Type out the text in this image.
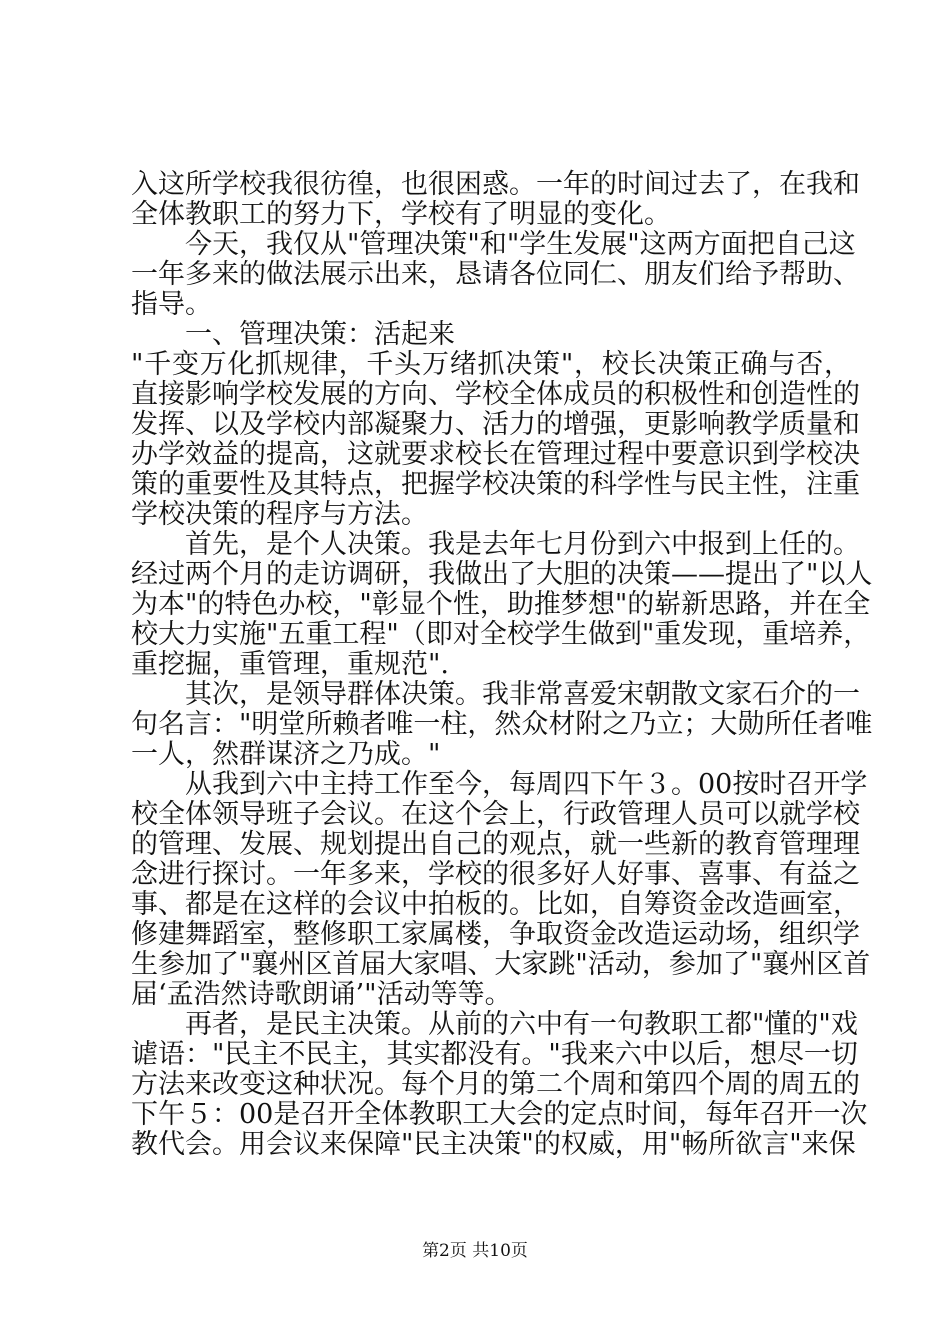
入这所学校我很彷徨，也很困惑。一年的时间过去了，在我和
全体教职工的努力下，学校有了明显的变化。
今天，我仅从"管理决策"和"学生发展"这两方面把自己这
一年多来的做法展示出来，恳请各位同仁、朋友们给予帮助、
指导。
一、管理决策：活起来
"千变万化抓规律，千头万绪抓决策"，校长决策正确与否，
直接影响学校发展的方向、学校全体成员的积极性和创造性的
发挥、以及学校内部凝聚力、活力的增强，更影响教学质量和
办学效益的提高，这就要求校长在管理过程中要意识到学校决
策的重要性及其特点，把握学校决策的科学性与民主性，注重
学校决策的程序与方法。
首先，是个人决策。我是去年七月份到六中报到上任的。
经过两个月的走访调研，我做出了大胆的决策——提出了"以人
为本"的特色办校，"彰显个性，助推梦想"的崭新思路，并在全
校大力实施"五重工程"（即对全校学生做到"重发现，重培养，
重挖掘，重管理，重规范".
其次，是领导群体决策。我非常喜爱宋朝散文家石介的一
句名言："明堂所赖者唯一柱，然众材附之乃立；大勋所任者唯
一人，然群谋济之乃成。"
从我到六中主持工作至今，每周四下午３。00按时召开学
校全体领导班子会议。在这个会上，行政管理人员可以就学校
的管理、发展、规划提出自己的观点，就一些新的教育管理理
念进行探讨。一年多来，学校的很多好人好事、喜事、有益之
事、都是在这样的会议中拍板的。比如，自筹资金改造画室，
修建舞蹈室，整修职工家属楼，争取资金改造运动场，组织学
生参加了"襄州区首届大家唱、大家跳"活动，参加了"襄州区首
届‘孟浩然诗歌朗诵’"活动等等。
再者，是民主决策。从前的六中有一句教职工都"懂的"戏
谑语："民主不民主，其实都没有。"我来六中以后，想尽一切
方法来改变这种状况。每个月的第二个周和第四个周的周五的
下午５：00是召开全体教职工大会的定点时间，每年召开一次
教代会。用会议来保障"民主决策"的权威，用"畅所欲言"来保
第2页 共10页
